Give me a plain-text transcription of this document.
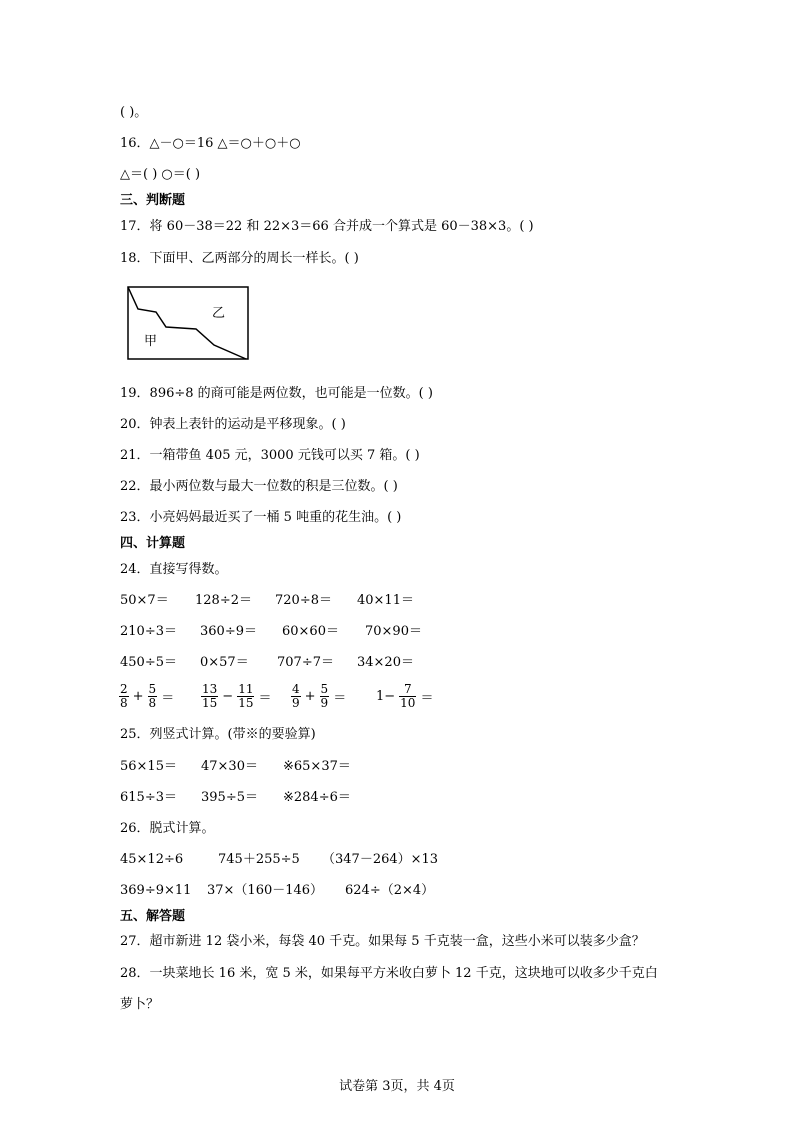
( )。
16．△－○＝16 △＝○＋○＋○
△＝( ) ○＝( )
三、判断题
17．将 60－38＝22 和 22×3＝66 合并成一个算式是 60－38×3。( )
18．下面甲、乙两部分的周长一样长。( )
乙
甲
19．896÷8 的商可能是两位数，也可能是一位数。( )
20．钟表上表针的运动是平移现象。( )
21．一箱带鱼 405 元，3000 元钱可以买 7 箱。( )
22．最小两位数与最大一位数的积是三位数。( )
23．小亮妈妈最近买了一桶 5 吨重的花生油。( )
四、计算题
24．直接写得数。
50×7＝ 128÷2＝ 720÷8＝ 40×11＝
210÷3＝ 360÷9＝ 60×60＝ 70×90＝
450÷5＝ 0×57＝ 707÷7＝ 34×20＝
$\frac{2}{8} + \frac{5}{8} = \frac{13}{15} - \frac{11}{15} = \frac{4}{9} + \frac{5}{9} = 1- \frac{7}{10}$ ＝
25．列竖式计算。(带※的要验算)
56×15＝ 47×30＝ ※65×37＝
615÷3＝ 395÷5＝ ※284÷6＝
26．脱式计算。
45×12÷6	745＋255÷5 （347－264）×13
369÷9×11 37×（160－146） 624÷（2×4）
五、解答题
27．超市新进 12 袋小米，每袋 40 千克。如果每 5 千克装一盒，这些小米可以装多少盒？
28．一块菜地长 16 米，宽 5 米，如果每平方米收白萝卜 12 千克，这块地可以收多少千克白
萝卜？
试卷第 3页，共 4页
